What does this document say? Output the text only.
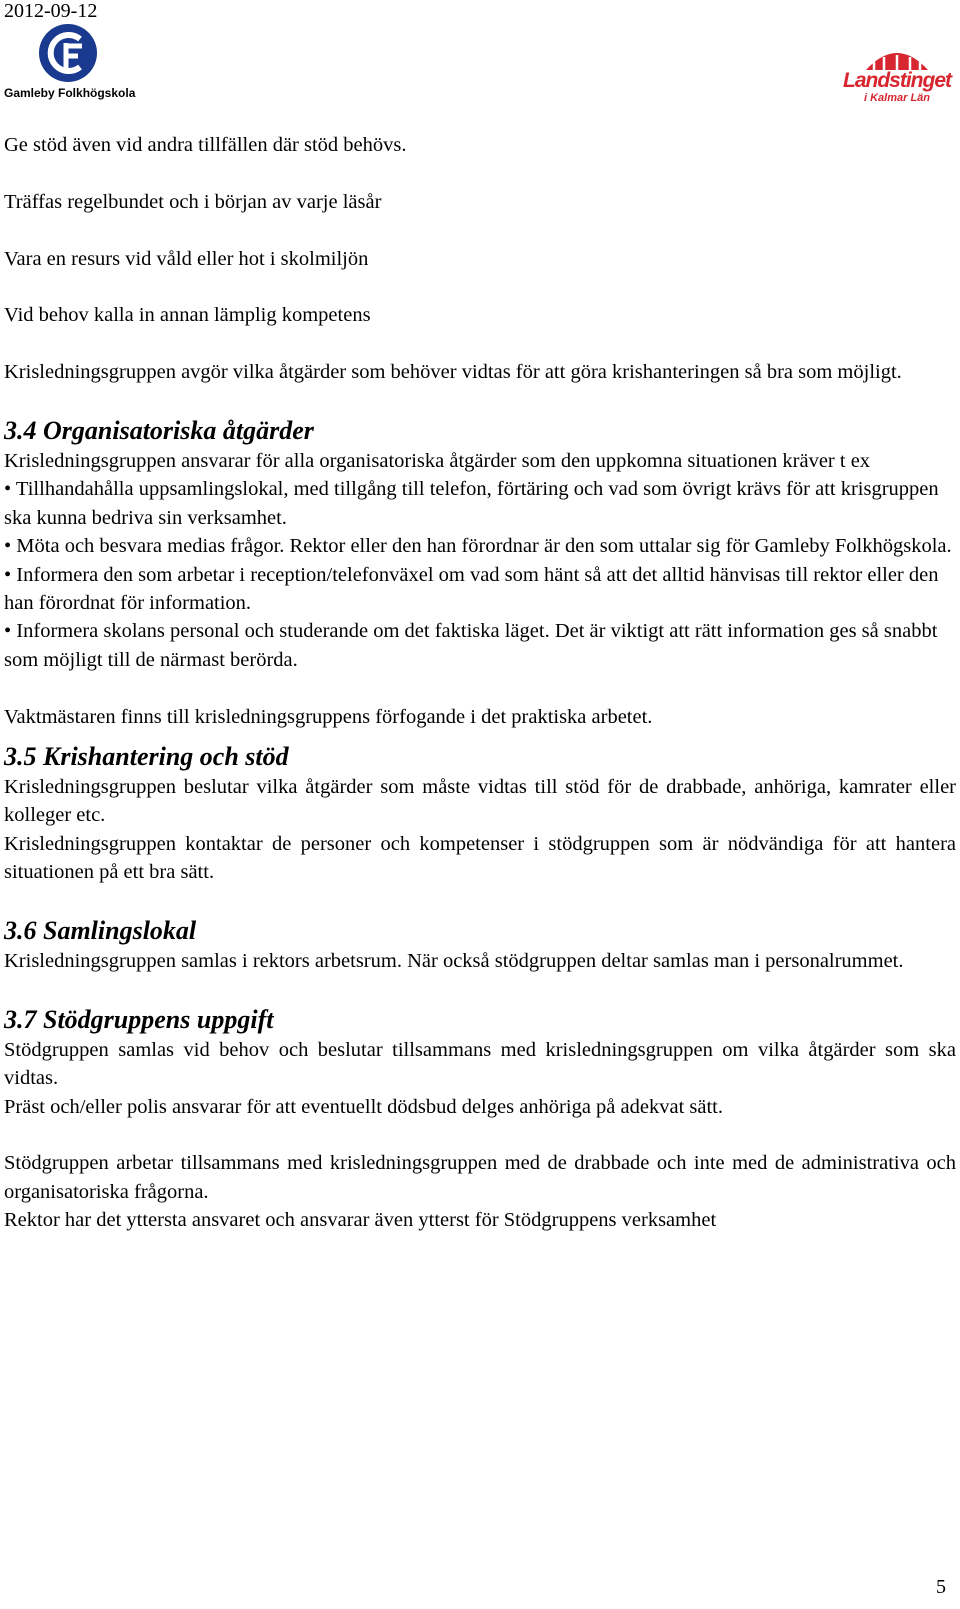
2012-09-12
Gamleby Folkhögskola
Landstinget
i Kalmar Län

Ge stöd även vid andra tillfällen där stöd behövs.

Träffas regelbundet och i början av varje läsår

Vara en resurs vid våld eller hot i skolmiljön

Vid behov kalla in annan lämplig kompetens

Krisledningsgruppen avgör vilka åtgärder som behöver vidtas för att göra krishanteringen så bra som möjligt.

3.4 Organisatoriska åtgärder

Krisledningsgruppen ansvarar för alla organisatoriska åtgärder som den uppkomna situationen kräver t ex

• Tillhandahålla uppsamlingslokal, med tillgång till telefon, förtäring och vad som övrigt krävs för att krisgruppen ska kunna bedriva sin verksamhet.

• Möta och besvara medias frågor. Rektor eller den han förordnar är den som uttalar sig för Gamleby Folkhögskola.

• Informera den som arbetar i reception/telefonväxel om vad som hänt så att det alltid hänvisas till rektor eller den han förordnat för information.

• Informera skolans personal och studerande om det faktiska läget. Det är viktigt att rätt information ges så snabbt som möjligt till de närmast berörda.

Vaktmästaren finns till krisledningsgruppens förfogande i det praktiska arbetet.

3.5 Krishantering och stöd

Krisledningsgruppen beslutar vilka åtgärder som måste vidtas till stöd för de drabbade, anhöriga, kamrater eller kolleger etc.

Krisledningsgruppen kontaktar de personer och kompetenser i stödgruppen som är nödvändiga för att hantera situationen på ett bra sätt.

3.6 Samlingslokal

Krisledningsgruppen samlas i rektors arbetsrum. När också stödgruppen deltar samlas man i personalrummet.

3.7 Stödgruppens uppgift

Stödgruppen samlas vid behov och beslutar tillsammans med krisledningsgruppen om vilka åtgärder som ska vidtas.

Präst och/eller polis ansvarar för att eventuellt dödsbud delges anhöriga på adekvat sätt.

Stödgruppen arbetar tillsammans med krisledningsgruppen med de drabbade och inte med de administrativa och organisatoriska frågorna.

Rektor har det yttersta ansvaret och ansvarar även ytterst för Stödgruppens verksamhet

5
